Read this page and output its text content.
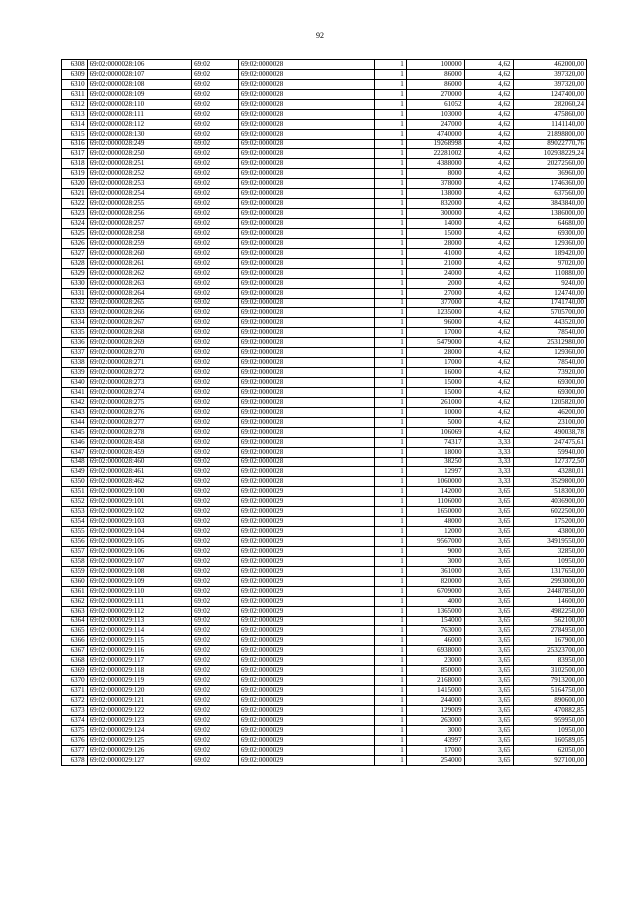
92
6308	69:02:0000028:106	69:02	69:02:0000028	1	100000	4,62	462000,00
6309	69:02:0000028:107	69:02	69:02:0000028	1	86000	4,62	397320,00
6310	69:02:0000028:108	69:02	69:02:0000028	1	86000	4,62	397320,00
6311	69:02:0000028:109	69:02	69:02:0000028	1	270000	4,62	1247400,00
6312	69:02:0000028:110	69:02	69:02:0000028	1	61052	4,62	282060,24
6313	69:02:0000028:111	69:02	69:02:0000028	1	103000	4,62	475860,00
6314	69:02:0000028:112	69:02	69:02:0000028	1	247000	4,62	1141140,00
6315	69:02:0000028:130	69:02	69:02:0000028	1	4740000	4,62	21898800,00
6316	69:02:0000028:249	69:02	69:02:0000028	1	19268998	4,62	89022770,76
6317	69:02:0000028:250	69:02	69:02:0000028	1	22281002	4,62	102938229,24
6318	69:02:0000028:251	69:02	69:02:0000028	1	4388000	4,62	20272560,00
6319	69:02:0000028:252	69:02	69:02:0000028	1	8000	4,62	36960,00
6320	69:02:0000028:253	69:02	69:02:0000028	1	378000	4,62	1746360,00
6321	69:02:0000028:254	69:02	69:02:0000028	1	138000	4,62	637560,00
6322	69:02:0000028:255	69:02	69:02:0000028	1	832000	4,62	3843840,00
6323	69:02:0000028:256	69:02	69:02:0000028	1	300000	4,62	1386000,00
6324	69:02:0000028:257	69:02	69:02:0000028	1	14000	4,62	64680,00
6325	69:02:0000028:258	69:02	69:02:0000028	1	15000	4,62	69300,00
6326	69:02:0000028:259	69:02	69:02:0000028	1	28000	4,62	129360,00
6327	69:02:0000028:260	69:02	69:02:0000028	1	41000	4,62	189420,00
6328	69:02:0000028:261	69:02	69:02:0000028	1	21000	4,62	97020,00
6329	69:02:0000028:262	69:02	69:02:0000028	1	24000	4,62	110880,00
6330	69:02:0000028:263	69:02	69:02:0000028	1	2000	4,62	9240,00
6331	69:02:0000028:264	69:02	69:02:0000028	1	27000	4,62	124740,00
6332	69:02:0000028:265	69:02	69:02:0000028	1	377000	4,62	1741740,00
6333	69:02:0000028:266	69:02	69:02:0000028	1	1235000	4,62	5705700,00
6334	69:02:0000028:267	69:02	69:02:0000028	1	96000	4,62	443520,00
6335	69:02:0000028:268	69:02	69:02:0000028	1	17000	4,62	78540,00
6336	69:02:0000028:269	69:02	69:02:0000028	1	5479000	4,62	25312980,00
6337	69:02:0000028:270	69:02	69:02:0000028	1	28000	4,62	129360,00
6338	69:02:0000028:271	69:02	69:02:0000028	1	17000	4,62	78540,00
6339	69:02:0000028:272	69:02	69:02:0000028	1	16000	4,62	73920,00
6340	69:02:0000028:273	69:02	69:02:0000028	1	15000	4,62	69300,00
6341	69:02:0000028:274	69:02	69:02:0000028	1	15000	4,62	69300,00
6342	69:02:0000028:275	69:02	69:02:0000028	1	261000	4,62	1205820,00
6343	69:02:0000028:276	69:02	69:02:0000028	1	10000	4,62	46200,00
6344	69:02:0000028:277	69:02	69:02:0000028	1	5000	4,62	23100,00
6345	69:02:0000028:278	69:02	69:02:0000028	1	106069	4,62	490038,78
6346	69:02:0000028:458	69:02	69:02:0000028	1	74317	3,33	247475,61
6347	69:02:0000028:459	69:02	69:02:0000028	1	18000	3,33	59940,00
6348	69:02:0000028:460	69:02	69:02:0000028	1	38250	3,33	127372,50
6349	69:02:0000028:461	69:02	69:02:0000028	1	12997	3,33	43280,01
6350	69:02:0000028:462	69:02	69:02:0000028	1	1060000	3,33	3529800,00
6351	69:02:0000029:100	69:02	69:02:0000029	1	142000	3,65	518300,00
6352	69:02:0000029:101	69:02	69:02:0000029	1	1106000	3,65	4036900,00
6353	69:02:0000029:102	69:02	69:02:0000029	1	1650000	3,65	6022500,00
6354	69:02:0000029:103	69:02	69:02:0000029	1	48000	3,65	175200,00
6355	69:02:0000029:104	69:02	69:02:0000029	1	12000	3,65	43800,00
6356	69:02:0000029:105	69:02	69:02:0000029	1	9567000	3,65	34919550,00
6357	69:02:0000029:106	69:02	69:02:0000029	1	9000	3,65	32850,00
6358	69:02:0000029:107	69:02	69:02:0000029	1	3000	3,65	10950,00
6359	69:02:0000029:108	69:02	69:02:0000029	1	361000	3,65	1317650,00
6360	69:02:0000029:109	69:02	69:02:0000029	1	820000	3,65	2993000,00
6361	69:02:0000029:110	69:02	69:02:0000029	1	6709000	3,65	24487850,00
6362	69:02:0000029:111	69:02	69:02:0000029	1	4000	3,65	14600,00
6363	69:02:0000029:112	69:02	69:02:0000029	1	1365000	3,65	4982250,00
6364	69:02:0000029:113	69:02	69:02:0000029	1	154000	3,65	562100,00
6365	69:02:0000029:114	69:02	69:02:0000029	1	763000	3,65	2784950,00
6366	69:02:0000029:115	69:02	69:02:0000029	1	46000	3,65	167900,00
6367	69:02:0000029:116	69:02	69:02:0000029	1	6938000	3,65	25323700,00
6368	69:02:0000029:117	69:02	69:02:0000029	1	23000	3,65	83950,00
6369	69:02:0000029:118	69:02	69:02:0000029	1	850000	3,65	3102500,00
6370	69:02:0000029:119	69:02	69:02:0000029	1	2168000	3,65	7913200,00
6371	69:02:0000029:120	69:02	69:02:0000029	1	1415000	3,65	5164750,00
6372	69:02:0000029:121	69:02	69:02:0000029	1	244000	3,65	890600,00
6373	69:02:0000029:122	69:02	69:02:0000029	1	129009	3,65	470882,85
6374	69:02:0000029:123	69:02	69:02:0000029	1	263000	3,65	959950,00
6375	69:02:0000029:124	69:02	69:02:0000029	1	3000	3,65	10950,00
6376	69:02:0000029:125	69:02	69:02:0000029	1	43997	3,65	160589,05
6377	69:02:0000029:126	69:02	69:02:0000029	1	17000	3,65	62050,00
6378	69:02:0000029:127	69:02	69:02:0000029	1	254000	3,65	927100,00
